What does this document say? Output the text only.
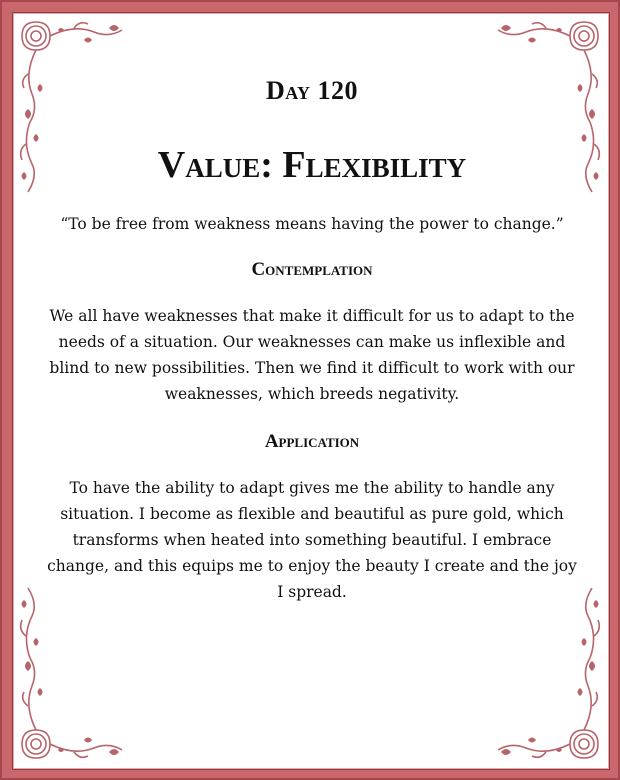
Day 120
Value: Flexibility

“To be free from weakness means having the power to change.”

Contemplation

We all have weaknesses that make it difficult for us to adapt to the needs of a situation. Our weaknesses can make us inflexible and blind to new possibilities. Then we find it difficult to work with our weaknesses, which breeds negativity.

Application

To have the ability to adapt gives me the ability to handle any situation. I become as flexible and beautiful as pure gold, which transforms when heated into something beautiful. I embrace change, and this equips me to enjoy the beauty I create and the joy I spread.
